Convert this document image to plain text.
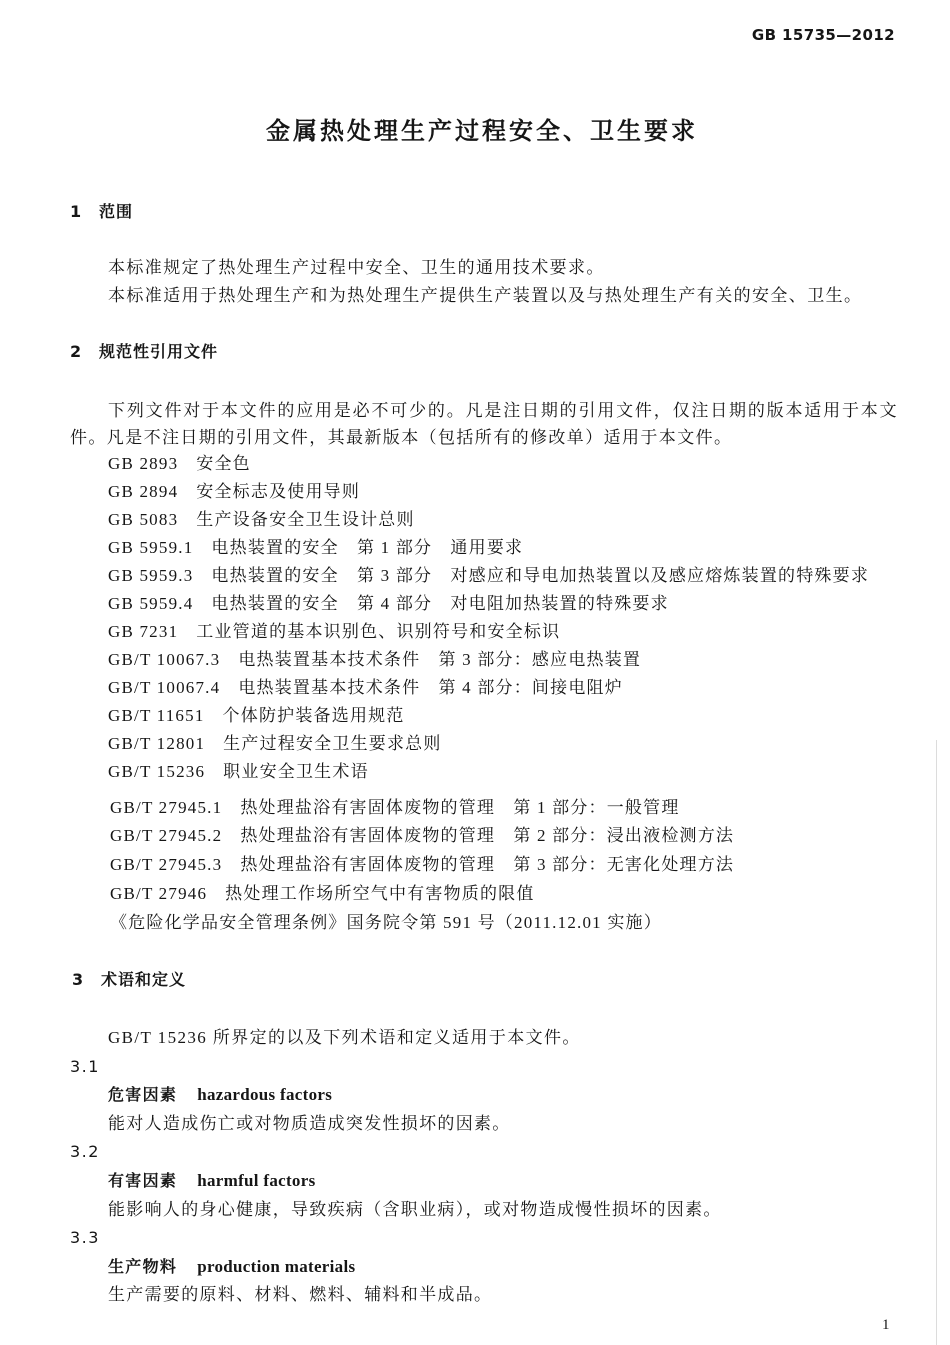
GB 15735—2012
金属热处理生产过程安全、卫生要求
1 范围
本标准规定了热处理生产过程中安全、卫生的通用技术要求。
本标准适用于热处理生产和为热处理生产提供生产装置以及与热处理生产有关的安全、卫生。
2 规范性引用文件
下列文件对于本文件的应用是必不可少的。凡是注日期的引用文件，仅注日期的版本适用于本文件。凡是不注日期的引用文件，其最新版本（包括所有的修改单）适用于本文件。
GB 2893 安全色
GB 2894 安全标志及使用导则
GB 5083 生产设备安全卫生设计总则
GB 5959.1 电热装置的安全　第 1 部分　通用要求
GB 5959.3 电热装置的安全　第 3 部分　对感应和导电加热装置以及感应熔炼装置的特殊要求
GB 5959.4 电热装置的安全　第 4 部分　对电阻加热装置的特殊要求
GB 7231 工业管道的基本识别色、识别符号和安全标识
GB/T 10067.3 电热装置基本技术条件　第 3 部分：感应电热装置
GB/T 10067.4 电热装置基本技术条件　第 4 部分：间接电阻炉
GB/T 11651 个体防护装备选用规范
GB/T 12801 生产过程安全卫生要求总则
GB/T 15236 职业安全卫生术语
GB/T 27945.1 热处理盐浴有害固体废物的管理　第 1 部分：一般管理
GB/T 27945.2 热处理盐浴有害固体废物的管理　第 2 部分：浸出液检测方法
GB/T 27945.3 热处理盐浴有害固体废物的管理　第 3 部分：无害化处理方法
GB/T 27946 热处理工作场所空气中有害物质的限值
《危险化学品安全管理条例》国务院令第 591 号（2011.12.01 实施）
3 术语和定义
GB/T 15236 所界定的以及下列术语和定义适用于本文件。
3.1
危害因素 hazardous factors
能对人造成伤亡或对物质造成突发性损坏的因素。
3.2
有害因素 harmful factors
能影响人的身心健康，导致疾病（含职业病），或对物造成慢性损坏的因素。
3.3
生产物料 production materials
生产需要的原料、材料、燃料、辅料和半成品。
1
